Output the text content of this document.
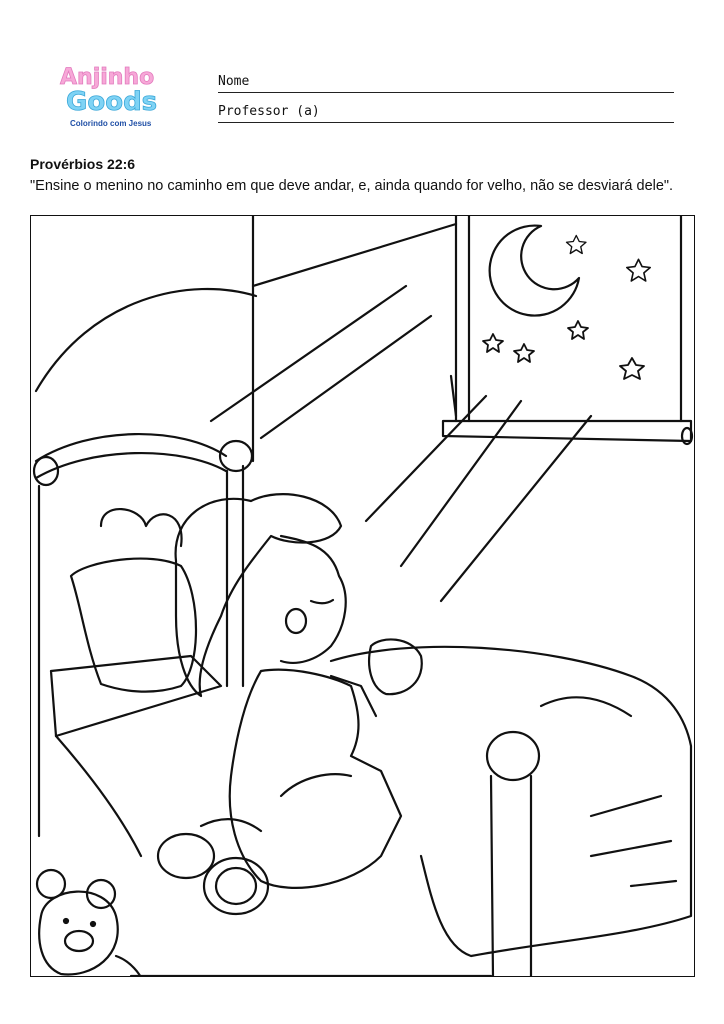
Anjinho
Goods
Colorindo com Jesus
Nome
Professor (a)
Provérbios 22:6
"Ensine o menino no caminho em que deve andar, e, ainda quando for velho, não se desviará dele".
